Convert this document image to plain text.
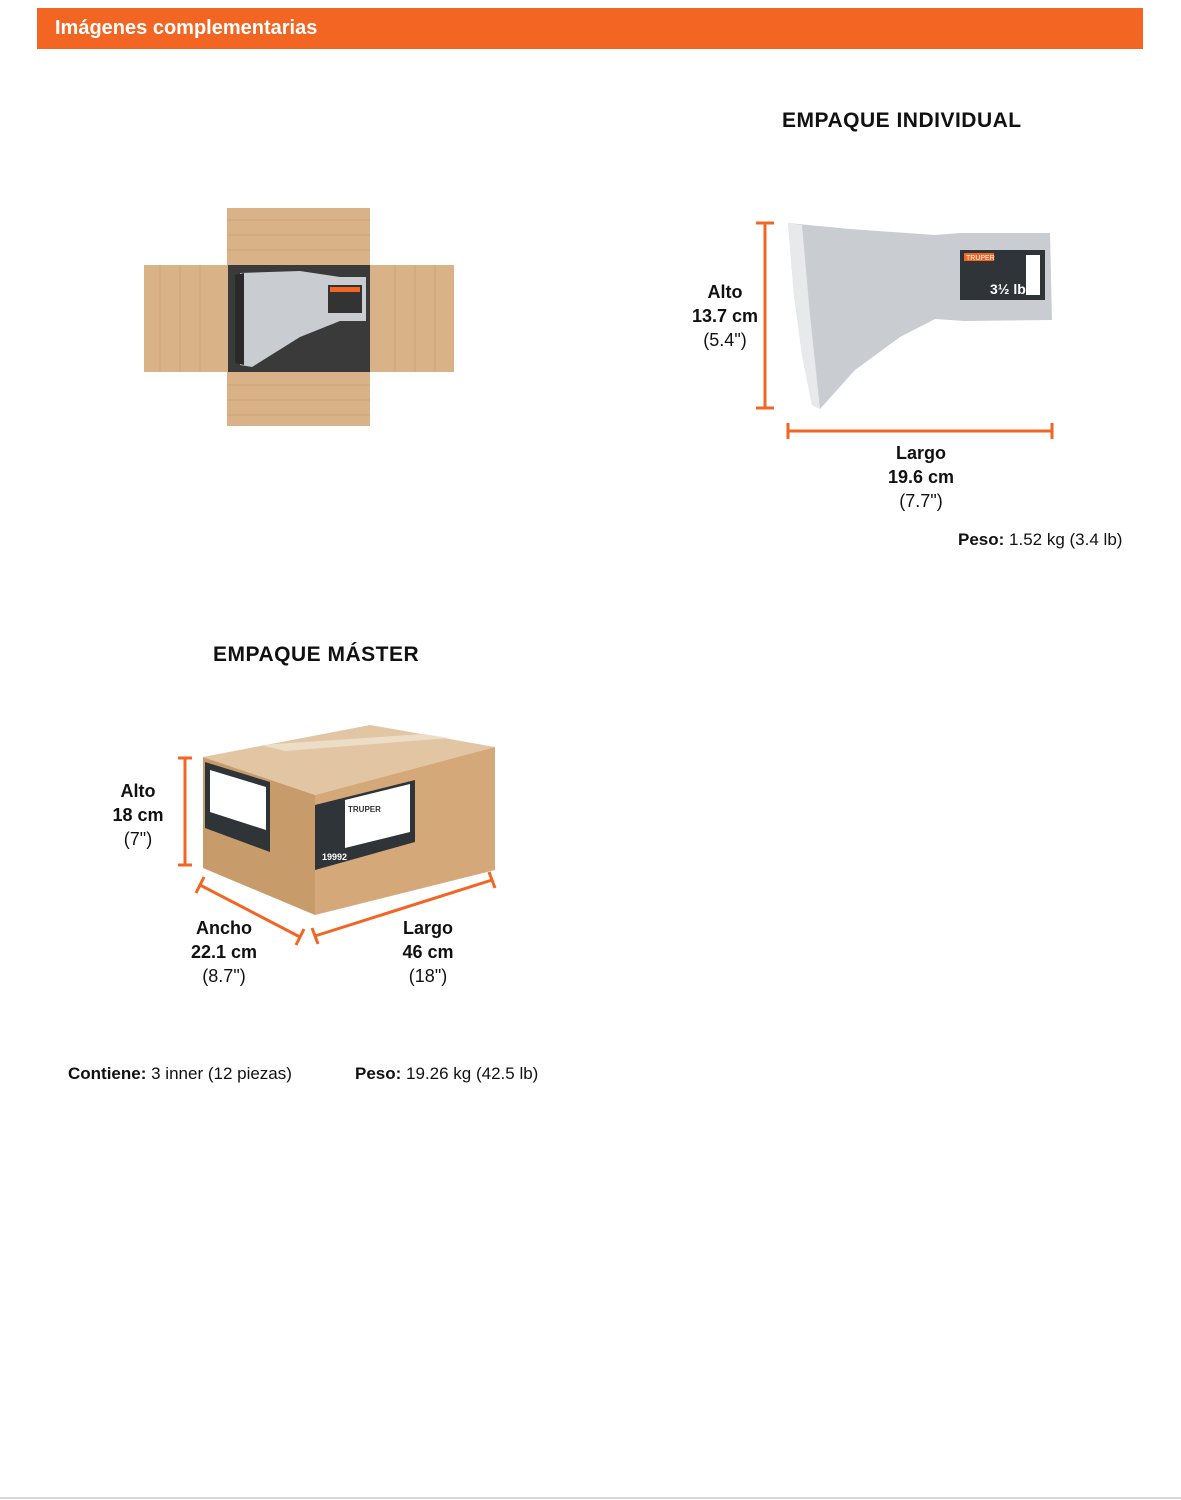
Imágenes complementarias
EMPAQUE INDIVIDUAL
TRUPER
3½ lb
Alto
13.7 cm
(5.4")
Largo
19.6 cm
(7.7")
Peso: 1.52 kg (3.4 lb)
EMPAQUE MÁSTER
19992
TRUPER
Alto
18 cm
(7")
Ancho
22.1 cm
(8.7")
Largo
46 cm
(18")
Contiene: 3 inner (12 piezas)	Peso: 19.26 kg (42.5 lb)
